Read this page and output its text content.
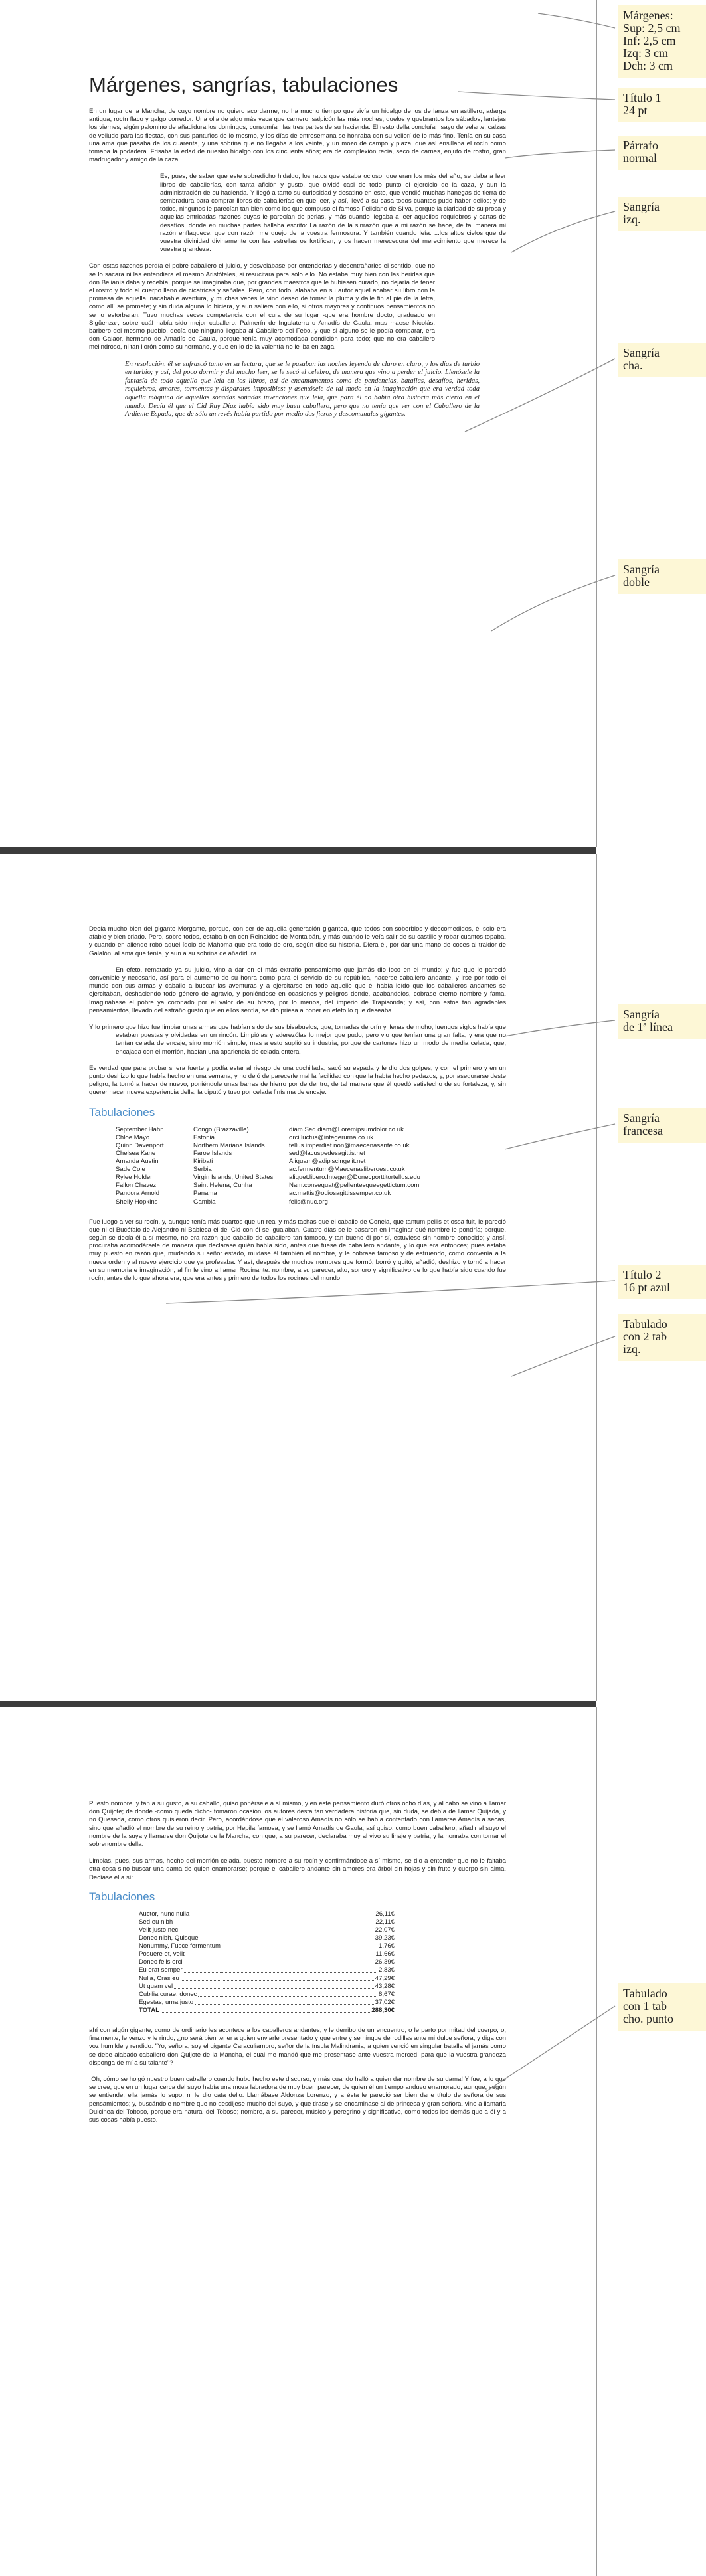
Márgenes, sangrías, tabulaciones

En un lugar de la Mancha, de cuyo nombre no quiero acordarme, no ha mucho tiempo que vivía un hidalgo de los de lanza en astillero, adarga antigua, rocín flaco y galgo corredor. Una olla de algo más vaca que carnero, salpicón las más noches, duelos y quebrantos los sábados, lantejas los viernes, algún palomino de añadidura los domingos, consumían las tres partes de su hacienda. El resto della concluían sayo de velarte, calzas de velludo para las fiestas, con sus pantuflos de lo mesmo, y los días de entresemana se honraba con su vellorí de lo más fino. Tenía en su casa una ama que pasaba de los cuarenta, y una sobrina que no llegaba a los veinte, y un mozo de campo y plaza, que así ensillaba el rocín como tomaba la podadera. Frisaba la edad de nuestro hidalgo con los cincuenta años; era de complexión recia, seco de carnes, enjuto de rostro, gran madrugador y amigo de la caza.

Es, pues, de saber que este sobredicho hidalgo, los ratos que estaba ocioso, que eran los más del año, se daba a leer libros de caballerías, con tanta afición y gusto, que olvidó casi de todo punto el ejercicio de la caza, y aun la administración de su hacienda. Y llegó a tanto su curiosidad y desatino en esto, que vendió muchas hanegas de tierra de sembradura para comprar libros de caballerías en que leer, y así, llevó a su casa todos cuantos pudo haber dellos; y de todos, ningunos le parecían tan bien como los que compuso el famoso Feliciano de Silva, porque la claridad de su prosa y aquellas entricadas razones suyas le parecían de perlas, y más cuando llegaba a leer aquellos requiebros y cartas de desafíos, donde en muchas partes hallaba escrito: La razón de la sinrazón que a mi razón se hace, de tal manera mi razón enflaquece, que con razón me quejo de la vuestra fermosura. Y también cuando leía: ...los altos cielos que de vuestra divinidad divinamente con las estrellas os fortifican, y os hacen merecedora del merecimiento que merece la vuestra grandeza.

Con estas razones perdía el pobre caballero el juicio, y desvelábase por entenderlas y desentrañarles el sentido, que no se lo sacara ni las entendiera el mesmo Aristóteles, si resucitara para sólo ello. No estaba muy bien con las heridas que don Belianís daba y recebía, porque se imaginaba que, por grandes maestros que le hubiesen curado, no dejaría de tener el rostro y todo el cuerpo lleno de cicatrices y señales. Pero, con todo, alababa en su autor aquel acabar su libro con la promesa de aquella inacabable aventura, y muchas veces le vino deseo de tomar la pluma y dalle fin al pie de la letra, como allí se promete; y sin duda alguna lo hiciera, y aun saliera con ello, si otros mayores y continuos pensamientos no se lo estorbaran. Tuvo muchas veces competencia con el cura de su lugar -que era hombre docto, graduado en Sigüenza-, sobre cuál había sido mejor caballero: Palmerín de Ingalaterra o Amadís de Gaula; mas maese Nicolás, barbero del mesmo pueblo, decía que ninguno llegaba al Caballero del Febo, y que si alguno se le podía comparar, era don Galaor, hermano de Amadís de Gaula, porque tenía muy acomodada condición para todo; que no era caballero melindroso, ni tan llorón como su hermano, y que en lo de la valentía no le iba en zaga.

En resolución, él se enfrascó tanto en su lectura, que se le pasaban las noches leyendo de claro en claro, y los días de turbio en turbio; y así, del poco dormir y del mucho leer, se le secó el celebro, de manera que vino a perder el juicio. Llenósele la fantasía de todo aquello que leía en los libros, así de encantamentos como de pendencias, batallas, desafíos, heridas, requiebros, amores, tormentas y disparates imposibles; y asentósele de tal modo en la imaginación que era verdad toda aquella máquina de aquellas sonadas soñadas invenciones que leía, que para él no había otra historia más cierta en el mundo. Decía él que el Cid Ruy Díaz había sido muy buen caballero, pero que no tenía que ver con el Caballero de la Ardiente Espada, que de sólo un revés había partido por medio dos fieros y descomunales gigantes.

Decía mucho bien del gigante Morgante, porque, con ser de aquella generación gigantea, que todos son soberbios y descomedidos, él solo era afable y bien criado. Pero, sobre todos, estaba bien con Reinaldos de Montalbán, y más cuando le veía salir de su castillo y robar cuantos topaba, y cuando en allende robó aquel ídolo de Mahoma que era todo de oro, según dice su historia. Diera él, por dar una mano de coces al traidor de Galalón, al ama que tenía, y aun a su sobrina de añadidura.

En efeto, rematado ya su juicio, vino a dar en el más extraño pensamiento que jamás dio loco en el mundo; y fue que le pareció convenible y necesario, así para el aumento de su honra como para el servicio de su república, hacerse caballero andante, y irse por todo el mundo con sus armas y caballo a buscar las aventuras y a ejercitarse en todo aquello que él había leído que los caballeros andantes se ejercitaban, deshaciendo todo género de agravio, y poniéndose en ocasiones y peligros donde, acabándolos, cobrase eterno nombre y fama. Imaginábase el pobre ya coronado por el valor de su brazo, por lo menos, del imperio de Trapisonda; y así, con estos tan agradables pensamientos, llevado del estraño gusto que en ellos sentía, se dio priesa a poner en efeto lo que deseaba.

Y lo primero que hizo fue limpiar unas armas que habían sido de sus bisabuelos, que, tomadas de orín y llenas de moho, luengos siglos había que estaban puestas y olvidadas en un rincón. Limpiólas y aderezólas lo mejor que pudo, pero vio que tenían una gran falta, y era que no tenían celada de encaje, sino morrión simple; mas a esto suplió su industria, porque de cartones hizo un modo de media celada, que, encajada con el morrión, hacían una apariencia de celada entera.

Es verdad que para probar si era fuerte y podía estar al riesgo de una cuchillada, sacó su espada y le dio dos golpes, y con el primero y en un punto deshizo lo que había hecho en una semana; y no dejó de parecerle mal la facilidad con que la había hecho pedazos, y, por asegurarse deste peligro, la tornó a hacer de nuevo, poniéndole unas barras de hierro por de dentro, de tal manera que él quedó satisfecho de su fortaleza; y, sin querer hacer nueva experiencia della, la diputó y tuvo por celada finísima de encaje.

Tabulaciones
September Hahn	Congo (Brazzaville)	diam.Sed.diam@Loremipsumdolor.co.uk
Chloe Mayo	Estonia	orci.luctus@integerurna.co.uk
Quinn Davenport	Northern Mariana Islands	tellus.imperdiet.non@maecenasante.co.uk
Chelsea Kane	Faroe Islands	sed@lacuspedesagittis.net
Amanda Austin	Kiribati	Aliquam@adipiscingelit.net
Sade Cole	Serbia	ac.fermentum@Maecenasliberoest.co.uk
Rylee Holden	Virgin Islands, United States	aliquet.libero.Integer@Donecporttitortellus.edu
Fallon Chavez	Saint Helena, Cunha	Nam.consequat@pellentesqueegettictum.com
Pandora Arnold	Panama	ac.mattis@odiosagittissemper.co.uk
Shelly Hopkins	Gambia	felis@nuc.org

Fue luego a ver su rocín, y, aunque tenía más cuartos que un real y más tachas que el caballo de Gonela, que tantum pellis et ossa fuit, le pareció que ni el Bucéfalo de Alejandro ni Babieca el del Cid con él se igualaban. Cuatro días se le pasaron en imaginar qué nombre le pondría; porque, según se decía él a sí mesmo, no era razón que caballo de caballero tan famoso, y tan bueno él por sí, estuviese sin nombre conocido; y ansí, procuraba acomodársele de manera que declarase quién había sido, antes que fuese de caballero andante, y lo que era entonces; pues estaba muy puesto en razón que, mudando su señor estado, mudase él también el nombre, y le cobrase famoso y de estruendo, como convenía a la nueva orden y al nuevo ejercicio que ya profesaba. Y así, después de muchos nombres que formó, borró y quitó, añadió, deshizo y tornó a hacer en su memoria e imaginación, al fin le vino a llamar Rocinante: nombre, a su parecer, alto, sonoro y significativo de lo que había sido cuando fue rocín, antes de lo que ahora era, que era antes y primero de todos los rocines del mundo.

Puesto nombre, y tan a su gusto, a su caballo, quiso ponérsele a sí mismo, y en este pensamiento duró otros ocho días, y al cabo se vino a llamar don Quijote; de donde -como queda dicho- tomaron ocasión los autores desta tan verdadera historia que, sin duda, se debía de llamar Quijada, y no Quesada, como otros quisieron decir. Pero, acordándose que el valeroso Amadís no sólo se había contentado con llamarse Amadís a secas, sino que añadió el nombre de su reino y patria, por Hepila famosa, y se llamó Amadís de Gaula; así quiso, como buen caballero, añadir al suyo el nombre de la suya y llamarse don Quijote de la Mancha, con que, a su parecer, declaraba muy al vivo su linaje y patria, y la honraba con tomar el sobrenombre della.

Limpias, pues, sus armas, hecho del morrión celada, puesto nombre a su rocín y confirmándose a sí mismo, se dio a entender que no le faltaba otra cosa sino buscar una dama de quien enamorarse; porque el caballero andante sin amores era árbol sin hojas y sin fruto y cuerpo sin alma. Decíase él a sí:

Tabulaciones
Auctor, nunc nulla	26,11€
Sed eu nibh	22,11€
Velit justo nec	22,07€
Donec nibh, Quisque	39,23€
Nonummy, Fusce fermentum	1,76€
Posuere et, velit	11,66€
Donec felis orci	26,39€
Eu erat semper	2,83€
Nulla, Cras eu	47,29€
Ut quam vel	43,28€
Cubilia curae; donec	8,67€
Egestas, urna justo	37,02€
TOTAL	288,30€

ahí con algún gigante, como de ordinario les acontece a los caballeros andantes, y le derribo de un encuentro, o le parto por mitad del cuerpo, o, finalmente, le venzo y le rindo, ¿no será bien tener a quien enviarle presentado y que entre y se hinque de rodillas ante mi dulce señora, y diga con voz humilde y rendido: "Yo, señora, soy el gigante Caraculiambro, señor de la ínsula Malindrania, a quien venció en singular batalla el jamás como se debe alabado caballero don Quijote de la Mancha, el cual me mandó que me presentase ante vuestra merced, para que la vuestra grandeza disponga de mí a su talante"?

¡Oh, cómo se holgó nuestro buen caballero cuando hubo hecho este discurso, y más cuando halló a quien dar nombre de su dama! Y fue, a lo que se cree, que en un lugar cerca del suyo había una moza labradora de muy buen parecer, de quien él un tiempo anduvo enamorado, aunque, según se entiende, ella jamás lo supo, ni le dio cata dello. Llamábase Aldonza Lorenzo, y a ésta le pareció ser bien darle título de señora de sus pensamientos; y, buscándole nombre que no desdijese mucho del suyo, y que tirase y se encaminase al de princesa y gran señora, vino a llamarla Dulcinea del Toboso, porque era natural del Toboso; nombre, a su parecer, músico y peregrino y significativo, como todos los demás que a él y a sus cosas había puesto.

Márgenes:
Sup: 2,5 cm
Inf: 2,5 cm
Izq: 3 cm
Dch: 3 cm
Título 1
24 pt
Párrafo
normal
Sangría
izq.
Sangría
cha.
Sangría
doble
Sangría
de 1ª línea
Sangría
francesa
Título 2
16 pt azul
Tabulado
con 2 tab
izq.
Tabulado
con 1 tab
cho. punto
